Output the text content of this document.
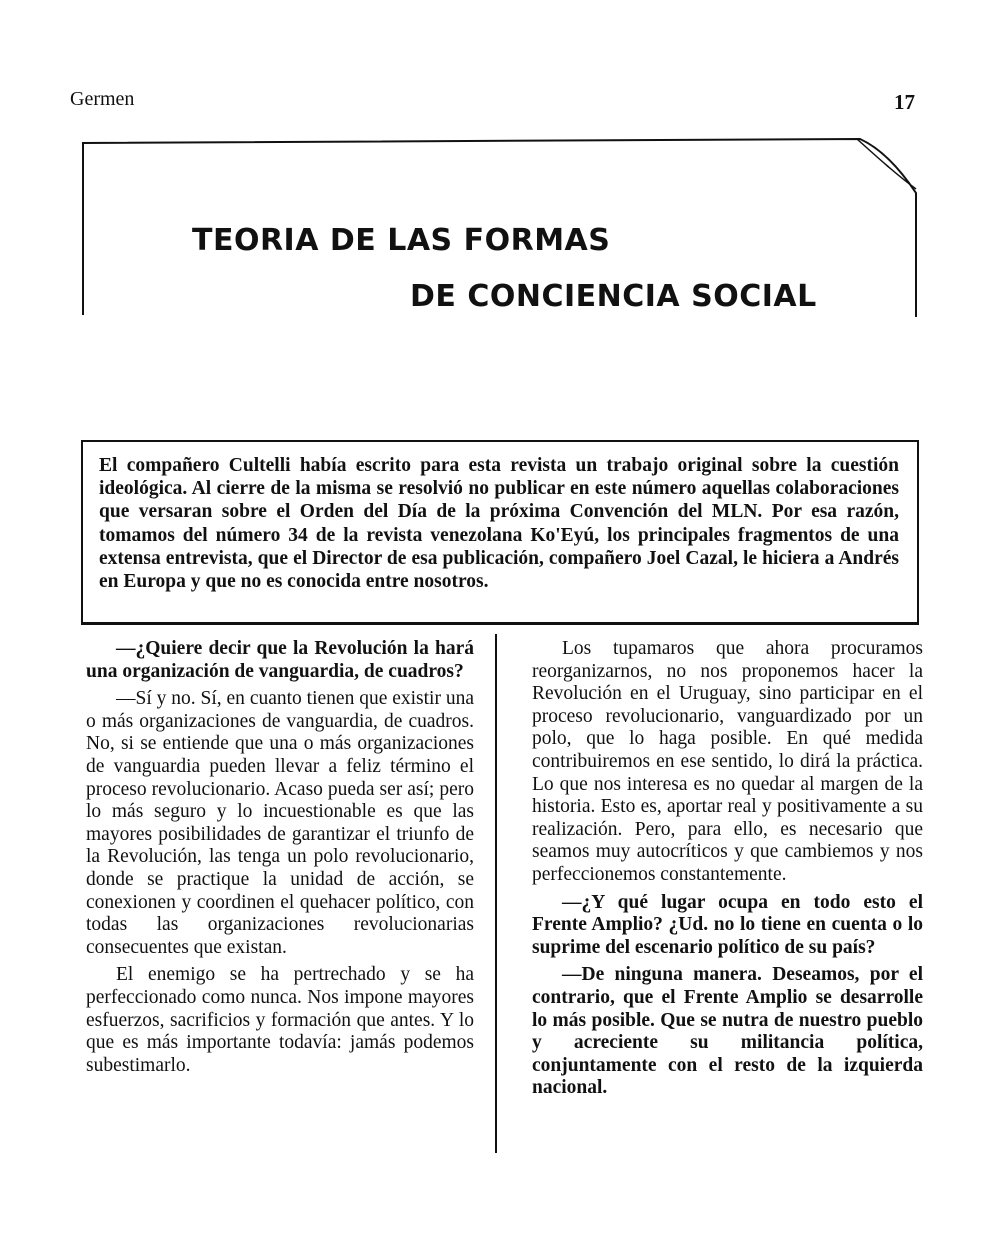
Germen	17
TEORIA DE LAS FORMAS
DE CONCIENCIA SOCIAL

El compañero Cultelli había escrito para esta revista un trabajo original sobre la cuestión ideológica. Al cierre de la misma se resolvió no publicar en este número aquellas colaboraciones que versaran sobre el Orden del Día de la próxima Convención del MLN. Por esa razón, tomamos del número 34 de la revista venezolana Ko'Eyú, los principales fragmentos de una extensa entrevista, que el Director de esa publicación, compañero Joel Cazal, le hiciera a Andrés en Europa y que no es conocida entre nosotros.

—¿Quiere decir que la Revolución la hará una organización de vanguardia, de cuadros?

—Sí y no. Sí, en cuanto tienen que existir una o más organizaciones de vanguardia, de cuadros. No, si se entiende que una o más organizaciones de vanguardia pueden llevar a feliz término el proceso revolucionario. Acaso pueda ser así; pero lo más seguro y lo incuestionable es que las mayores posibilidades de garantizar el triunfo de la Revolución, las tenga un polo revolucionario, donde se practique la unidad de acción, se conexionen y coordinen el quehacer político, con todas las organizaciones revolucionarias consecuentes que existan.

El enemigo se ha pertrechado y se ha perfeccionado como nunca. Nos impone mayores esfuerzos, sacrificios y formación que antes. Y lo que es más importante todavía: jamás podemos subestimarlo.

Los tupamaros que ahora procuramos reorganizarnos, no nos proponemos hacer la Revolución en el Uruguay, sino participar en el proceso revolucionario, vanguardizado por un polo, que lo haga posible. En qué medida contribuiremos en ese sentido, lo dirá la práctica. Lo que nos interesa es no quedar al margen de la historia. Esto es, aportar real y positivamente a su realización. Pero, para ello, es necesario que seamos muy autocríticos y que cambiemos y nos perfeccionemos constantemente.

—¿Y qué lugar ocupa en todo esto el Frente Amplio? ¿Ud. no lo tiene en cuenta o lo suprime del escenario político de su país?

—De ninguna manera. Deseamos, por el contrario, que el Frente Amplio se desarrolle lo más posible. Que se nutra de nuestro pueblo y acreciente su militancia política, conjuntamente con el resto de la izquierda nacional.
